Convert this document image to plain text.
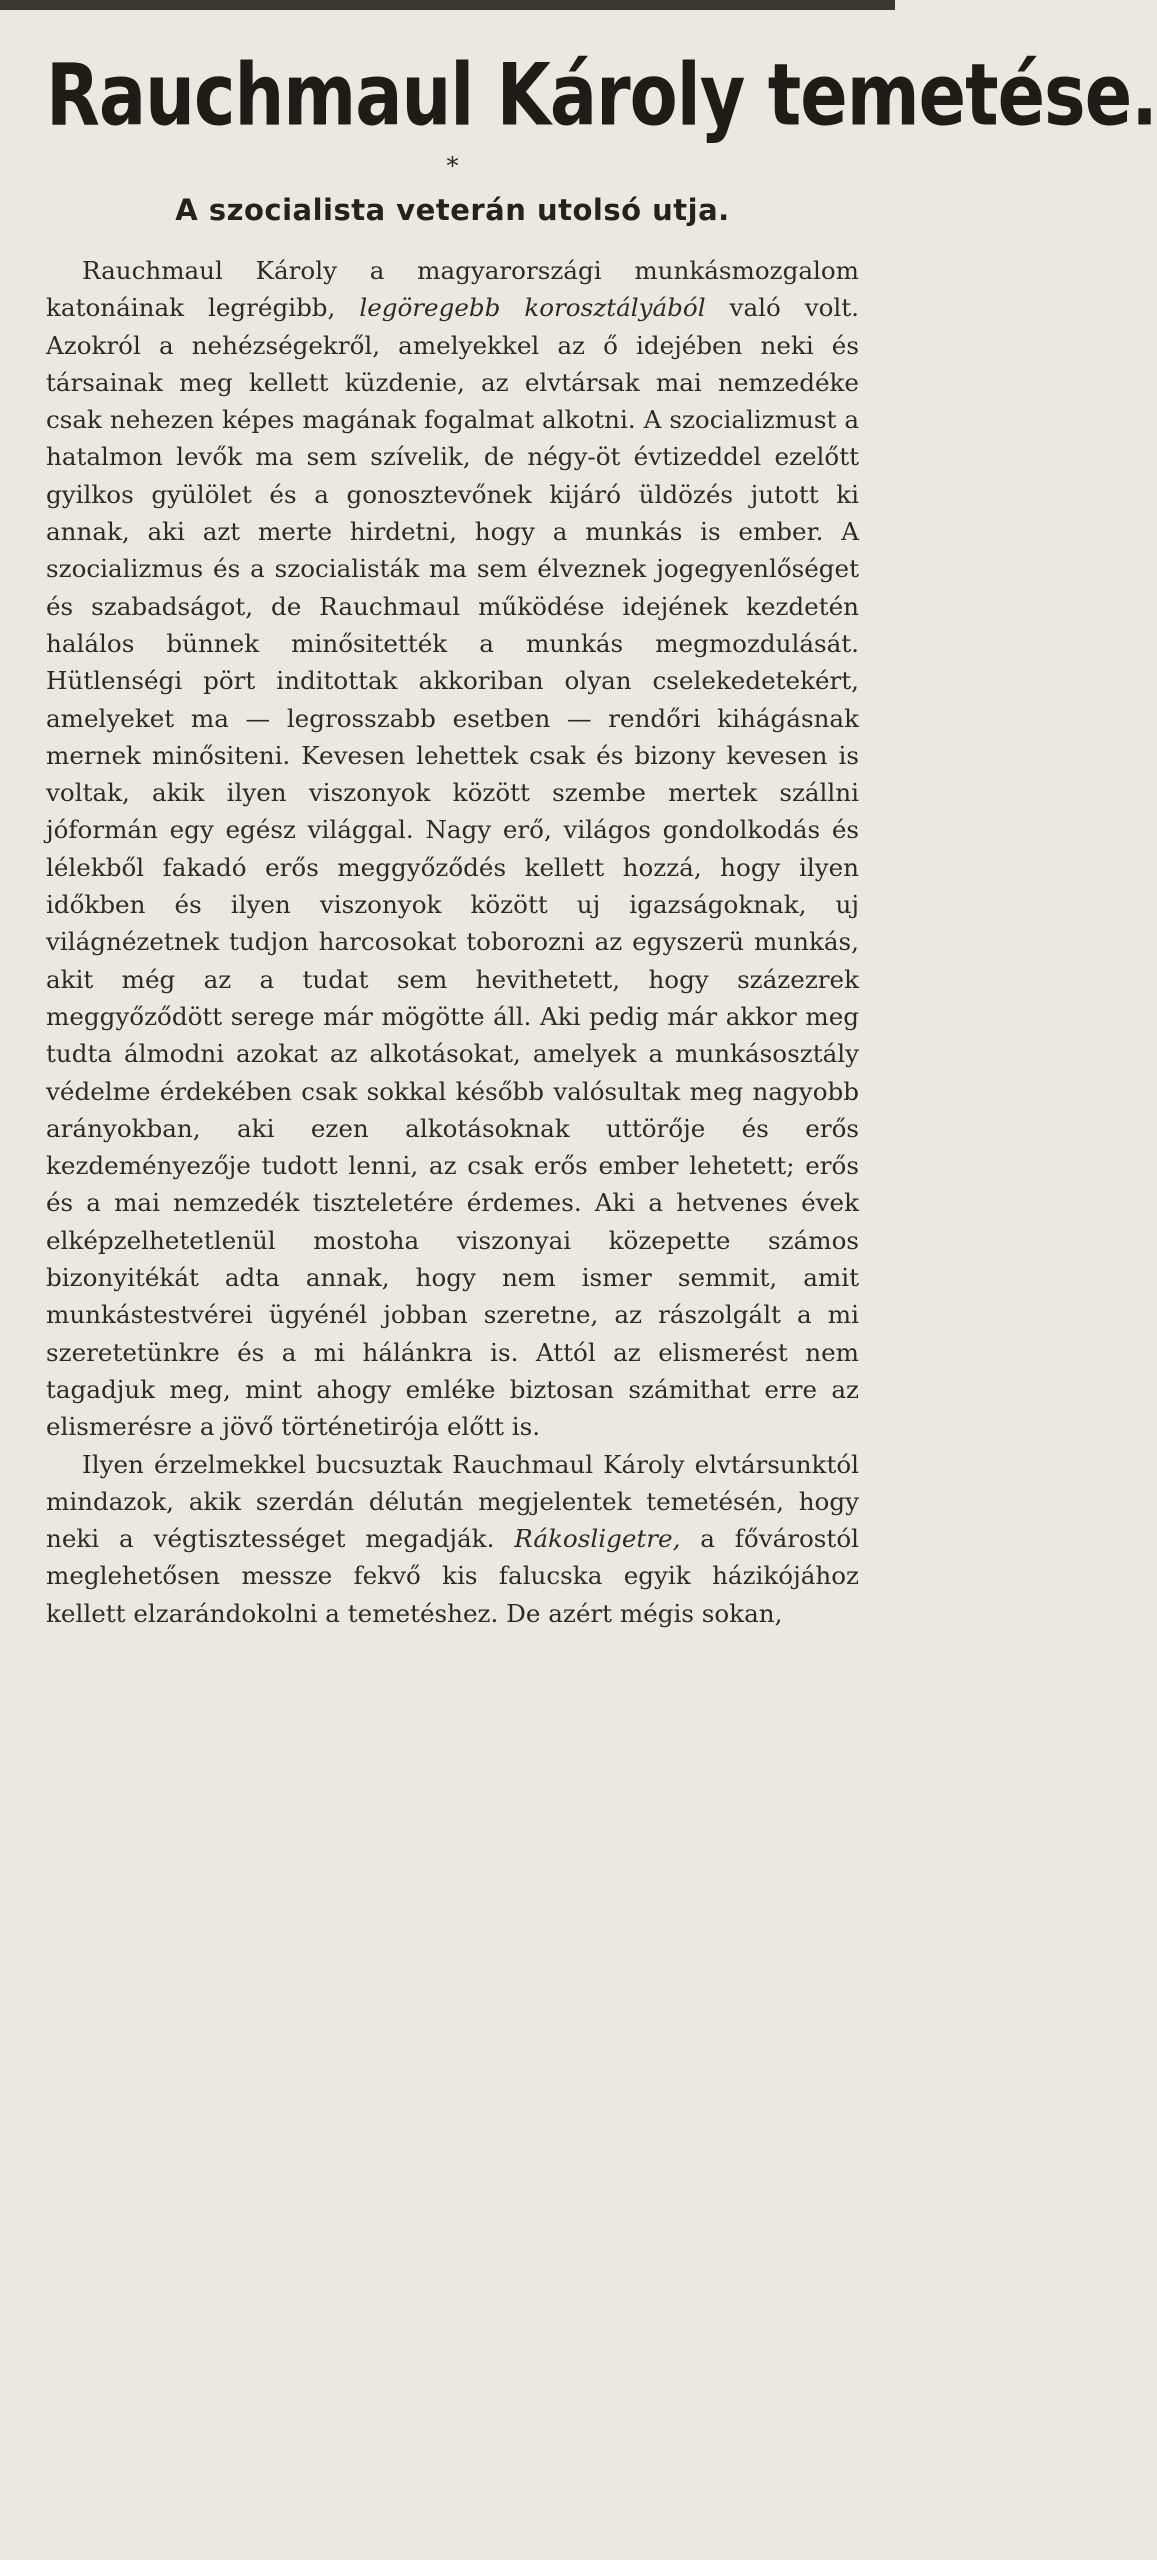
Rauchmaul Károly temetése.
*
A szocialista veterán utolsó utja.

Rauchmaul Károly a magyarországi munkásmozgalom katonáinak legrégibb, legöregebb korosztályából való volt. Azokról a nehézségekről, amelyekkel az ő idejében neki és társainak meg kellett küzdenie, az elvtársak mai nemzedéke csak nehezen képes magának fogalmat alkotni. A szocializmust a hatalmon levők ma sem szívelik, de négy-öt évtizeddel ezelőtt gyilkos gyülölet és a gonosztevőnek kijáró üldözés jutott ki annak, aki azt merte hirdetni, hogy a munkás is ember. A szocializmus és a szocialisták ma sem élveznek jogegyenlőséget és szabadságot, de Rauchmaul működése idejének kezdetén halálos bünnek minősitették a munkás megmozdulását. Hütlenségi pört inditottak akkoriban olyan cselekedetekért, amelyeket ma — legrosszabb esetben — rendőri kihágásnak mernek minősiteni. Kevesen lehettek csak és bizony kevesen is voltak, akik ilyen viszonyok között szembe mertek szállni jóformán egy egész világgal. Nagy erő, világos gondolkodás és lélekből fakadó erős meggyőződés kellett hozzá, hogy ilyen időkben és ilyen viszonyok között uj igazságoknak, uj világnézetnek tudjon harcosokat toborozni az egyszerü munkás, akit még az a tudat sem hevithetett, hogy százezrek meggyőződött serege már mögötte áll. Aki pedig már akkor meg tudta álmodni azokat az alkotásokat, amelyek a munkásosztály védelme érdekében csak sokkal később valósultak meg nagyobb arányokban, aki ezen alkotásoknak uttörője és erős kezdeményezője tudott lenni, az csak erős ember lehetett; erős és a mai nemzedék tiszteletére érdemes. Aki a hetvenes évek elképzelhetetlenül mostoha viszonyai közepette számos bizonyitékát adta annak, hogy nem ismer semmit, amit munkástestvérei ügyénél jobban szeretne, az rászolgált a mi szeretetünkre és a mi hálánkra is. Attól az elismerést nem tagadjuk meg, mint ahogy emléke biztosan számithat erre az elismerésre a jövő történetirója előtt is.

Ilyen érzelmekkel bucsuztak Rauchmaul Károly elvtársunktól mindazok, akik szerdán délután megjelentek temetésén, hogy neki a végtisztességet megadják. Rákosligetre, a fővárostól meglehetősen messze fekvő kis falucska egyik házikójához kellett elzarándokolni a temetéshez. De azért mégis sokan,
